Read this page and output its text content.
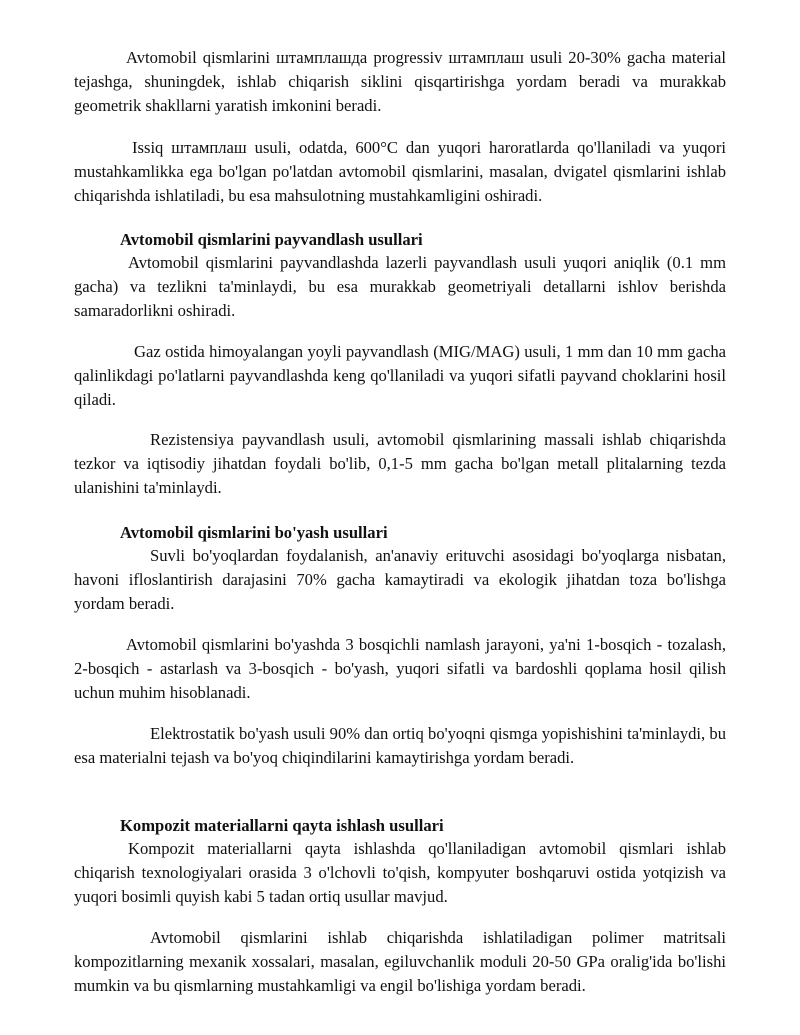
Avtomobil qismlarini штамплашда progressiv штамплаш usuli 20-30% gacha material tejashga, shuningdek, ishlab chiqarish siklini qisqartirishga yordam beradi va murakkab geometrik shakllarni yaratish imkonini beradi.

Issiq штамплаш usuli, odatda, 600°C dan yuqori haroratlarda qo'llaniladi va yuqori mustahkamlikka ega bo'lgan po'latdan avtomobil qismlarini, masalan, dvigatel qismlarini ishlab chiqarishda ishlatiladi, bu esa mahsulotning mustahkamligini oshiradi.

Avtomobil qismlarini payvandlash usullari

Avtomobil qismlarini payvandlashda lazerli payvandlash usuli yuqori aniqlik (0.1 mm gacha) va tezlikni ta'minlaydi, bu esa murakkab geometriyali detallarni ishlov berishda samaradorlikni oshiradi.

Gaz ostida himoyalangan yoyli payvandlash (MIG/MAG) usuli, 1 mm dan 10 mm gacha qalinlikdagi po'latlarni payvandlashda keng qo'llaniladi va yuqori sifatli payvand choklarini hosil qiladi.

Rezistensiya payvandlash usuli, avtomobil qismlarining massali ishlab chiqarishda tezkor va iqtisodiy jihatdan foydali bo'lib, 0,1-5 mm gacha bo'lgan metall plitalarning tezda ulanishini ta'minlaydi.

Avtomobil qismlarini bo'yash usullari

Suvli bo'yoqlardan foydalanish, an'anaviy erituvchi asosidagi bo'yoqlarga nisbatan, havoni ifloslantirish darajasini 70% gacha kamaytiradi va ekologik jihatdan toza bo'lishga yordam beradi.

Avtomobil qismlarini bo'yashda 3 bosqichli namlash jarayoni, ya'ni 1-bosqich - tozalash, 2-bosqich - astarlash va 3-bosqich - bo'yash, yuqori sifatli va bardoshli qoplama hosil qilish uchun muhim hisoblanadi.

Elektrostatik bo'yash usuli 90% dan ortiq bo'yoqni qismga yopishishini ta'minlaydi, bu esa materialni tejash va bo'yoq chiqindilarini kamaytirishga yordam beradi.

Kompozit materiallarni qayta ishlash usullari

Kompozit materiallarni qayta ishlashda qo'llaniladigan avtomobil qismlari ishlab chiqarish texnologiyalari orasida 3 o'lchovli to'qish, kompyuter boshqaruvi ostida yotqizish va yuqori bosimli quyish kabi 5 tadan ortiq usullar mavjud.

Avtomobil qismlarini ishlab chiqarishda ishlatiladigan polimer matritsali kompozitlarning mexanik xossalari, masalan, egiluvchanlik moduli 20-50 GPa oralig'ida bo'lishi mumkin va bu qismlarning mustahkamligi va engil bo'lishiga yordam beradi.
